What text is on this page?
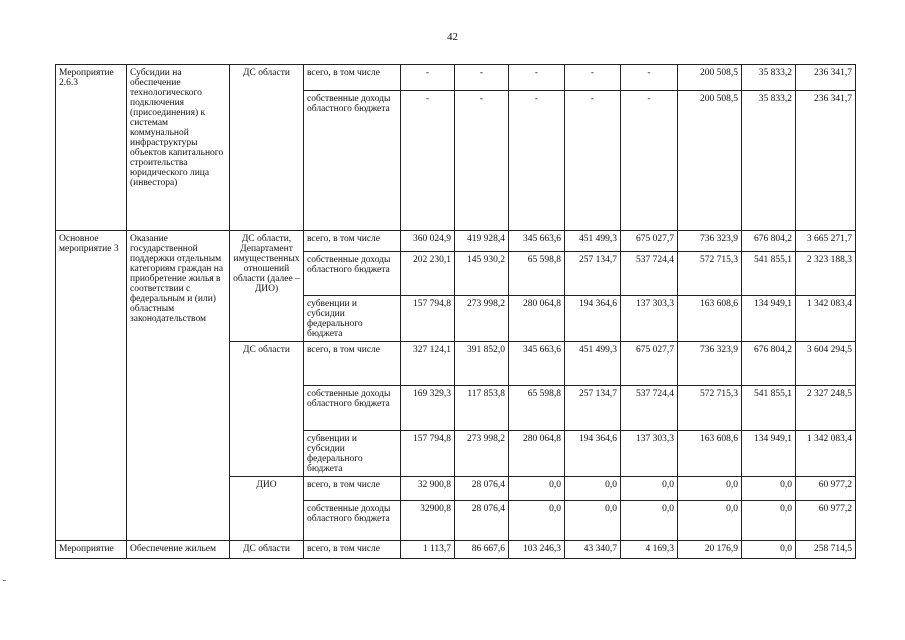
42
Мероприятие 2.6.3	Субсидии на обеспечение технологического подключения (присоединения) к системам коммунальной инфраструктуры объектов капитального строительства юридического лица (инвестора)	ДС области	всего, в том числе	-	-	-	-	-	200 508,5	35 833,2	236 341,7
			собственные доходы областного бюджета	-	-	-	-	-	200 508,5	35 833,2	236 341,7
Основное мероприятие 3	Оказание государственной поддержки отдельным категориям граждан на приобретение жилья в соответствии с федеральным и (или) областным законодательством	ДС области, Департамент имущественных отношений области (далее – ДИО)	всего, в том числе	360 024,9	419 928,4	345 663,6	451 499,3	675 027,7	736 323,9	676 804,2	3 665 271,7
			собственные доходы областного бюджета	202 230,1	145 930,2	65 598,8	257 134,7	537 724,4	572 715,3	541 855,1	2 323 188,3
			субвенции и субсидии федерального бюджета	157 794,8	273 998,2	280 064,8	194 364,6	137 303,3	163 608,6	134 949,1	1 342 083,4
		ДС области	всего, в том числе	327 124,1	391 852,0	345 663,6	451 499,3	675 027,7	736 323,9	676 804,2	3 604 294,5
			собственные доходы областного бюджета	169 329,3	117 853,8	65 598,8	257 134,7	537 724,4	572 715,3	541 855,1	2 327 248,5
			субвенции и субсидии федерального бюджета	157 794,8	273 998,2	280 064,8	194 364,6	137 303,3	163 608,6	134 949,1	1 342 083,4
		ДИО	всего, в том числе	32 900,8	28 076,4	0,0	0,0	0,0	0,0	0,0	60 977,2
			собственные доходы областного бюджета	32900,8	28 076,4	0,0	0,0	0,0	0,0	0,0	60 977,2
Мероприятие	Обеспечение жильем	ДС области	всего, в том числе	1 113,7	86 667,6	103 246,3	43 340,7	4 169,3	20 176,9	0,0	258 714,5
